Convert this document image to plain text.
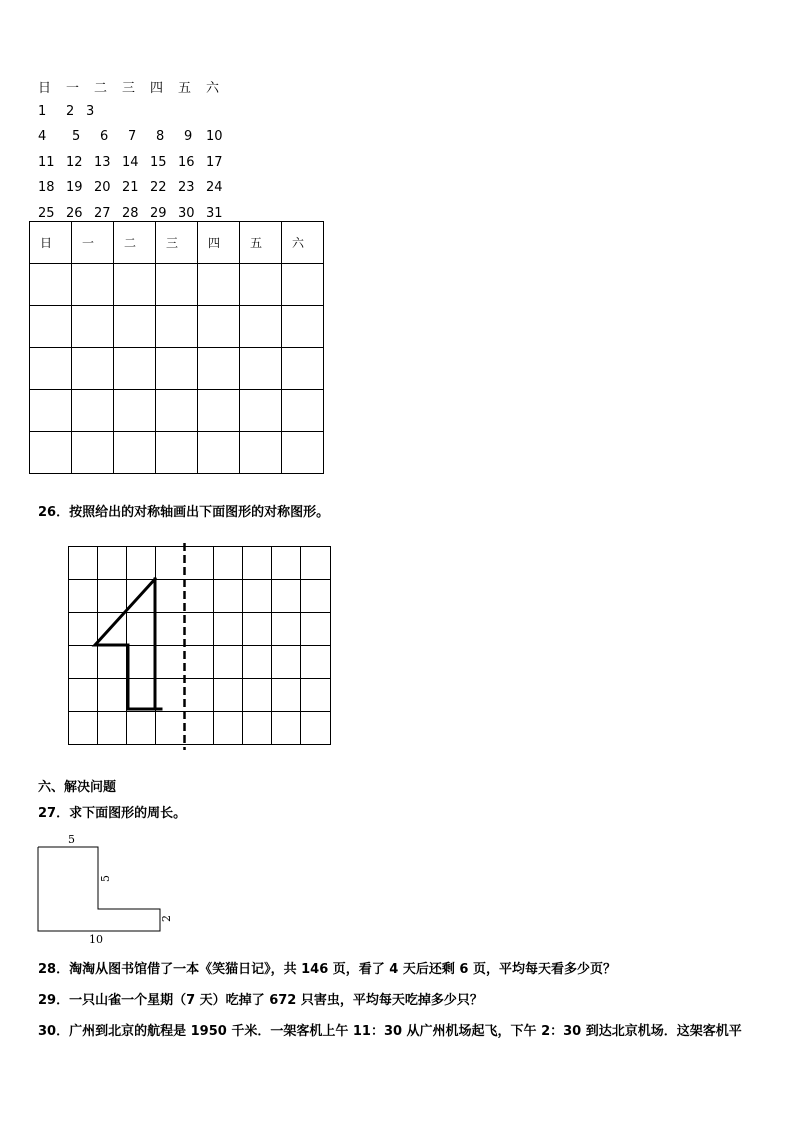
日 一 二 三 四 五 六
1 2 3
4 5 6 7 8 9 10
11 12 13 14 15 16 17
18 19 20 21 22 23 24
25 26 27 28 29 30 31
日	一	二	三	四	五	六

26．按照给出的对称轴画出下面图形的对称图形。
六、解决问题
27．求下面图形的周长。
5
5
2
10
28．淘淘从图书馆借了一本《笑猫日记》，共 146 页，看了 4 天后还剩 6 页，平均每天看多少页？
29．一只山雀一个星期（7 天）吃掉了 672 只害虫，平均每天吃掉多少只？
30．广州到北京的航程是 1950 千米．一架客机上午 11：30 从广州机场起飞，下午 2：30 到达北京机场．这架客机平
